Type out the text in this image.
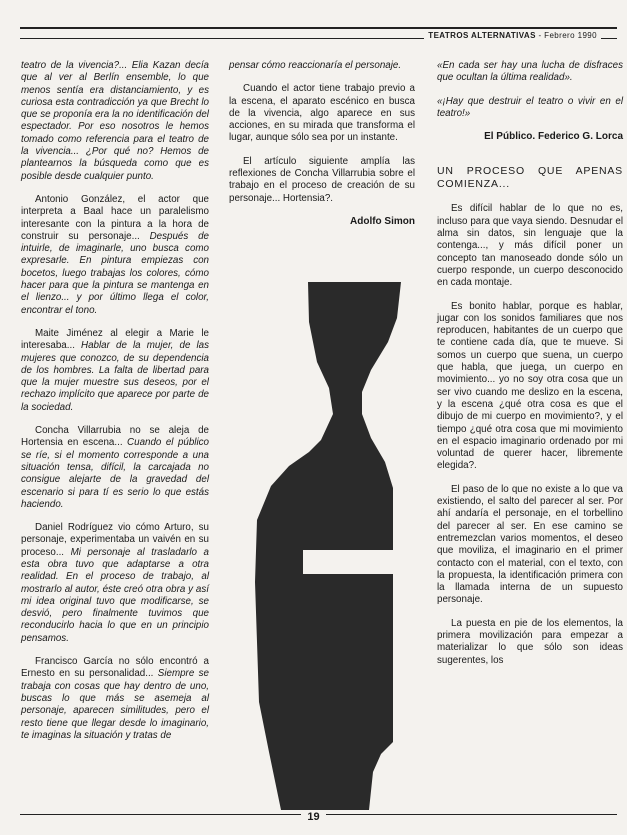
TEATROS ALTERNATIVAS - Febrero 1990

teatro de la vivencia?... Elia Kazan decía que al ver al Berlín ensemble, lo que menos sentía era distanciamiento, y es curiosa esta contradicción ya que Brecht lo que se proponía era la no identificación del espectador. Por eso nosotros le hemos tomado como referencia para el teatro de la vivencia... ¿Por qué no? Hemos de plantearnos la búsqueda como que es posible desde cualquier punto.

Antonio González, el actor que interpreta a Baal hace un paralelismo interesante con la pintura a la hora de construir su personaje... Después de intuirle, de imaginarle, uno busca como expresarle. En pintura empiezas con bocetos, luego trabajas los colores, cómo hacer para que la pintura se mantenga en el lienzo... y por último llega el color, encontrar el tono.

Maite Jiménez al elegir a Marie le interesaba... Hablar de la mujer, de las mujeres que conozco, de su dependencia de los hombres. La falta de libertad para que la mujer muestre sus deseos, por el rechazo implícito que aparece por parte de la sociedad.

Concha Villarrubia no se aleja de Hortensia en escena... Cuando el público se ríe, si el momento corresponde a una situación tensa, difícil, la carcajada no consigue alejarte de la gravedad del escenario si para tí es serio lo que estás haciendo.

Daniel Rodríguez vio cómo Arturo, su personaje, experimentaba un vaivén en su proceso... Mi personaje al trasladarlo a esta obra tuvo que adaptarse a otra realidad. En el proceso de trabajo, al mostrarlo al autor, éste creó otra obra y así mi idea original tuvo que modificarse, se desvió, pero finalmente tuvimos que reconducirlo hacia lo que en un principio pensamos.

Francisco García no sólo encontró a Ernesto en su personalidad... Siempre se trabaja con cosas que hay dentro de uno, buscas lo que más se asemeja al personaje, aparecen similitudes, pero el resto tiene que llegar desde lo imaginario, te imaginas la situación y tratas de

pensar cómo reaccionaría el personaje.

Cuando el actor tiene trabajo previo a la escena, el aparato escénico en busca de la vivencia, algo aparece en sus acciones, en su mirada que transforma el lugar, aunque sólo sea por un instante.

El artículo siguiente amplía las reflexiones de Concha Villarrubia sobre el trabajo en el proceso de creación de su personaje... Hortensia?.

Adolfo Simon

«En cada ser hay una lucha de disfraces que ocultan la última realidad».

«¡Hay que destruir el teatro o vivir en el teatro!»

El Público. Federico G. Lorca

UN PROCESO QUE APENAS COMIENZA...

Es difícil hablar de lo que no es, incluso para que vaya siendo. Desnudar el alma sin datos, sin lenguaje que la contenga..., y más difícil poner un concepto tan manoseado donde sólo un cuerpo responde, un cuerpo desconocido en cada montaje.

Es bonito hablar, porque es hablar, jugar con los sonidos familiares que nos reproducen, habitantes de un cuerpo que te contiene cada día, que te mueve. Si somos un cuerpo que suena, un cuerpo que habla, que juega, un cuerpo en movimiento... yo no soy otra cosa que un ser vivo cuando me deslizo en la escena, y la escena ¿qué otra cosa es que el dibujo de mi cuerpo en movimiento?, y el tiempo ¿qué otra cosa que mi movimiento en el espacio imaginario ordenado por mi voluntad de querer hacer, libremente elegida?.

El paso de lo que no existe a lo que va existiendo, el salto del parecer al ser. Por ahí andaría el personaje, en el torbellino del parecer al ser. En ese camino se entremezclan varios momentos, el deseo que moviliza, el imaginario en el primer contacto con el material, con el texto, con la propuesta, la identificación primera con la llamada interna de un supuesto personaje.

La puesta en pie de los elementos, la primera movilización para empezar a materializar lo que sólo son ideas sugerentes, los

19
